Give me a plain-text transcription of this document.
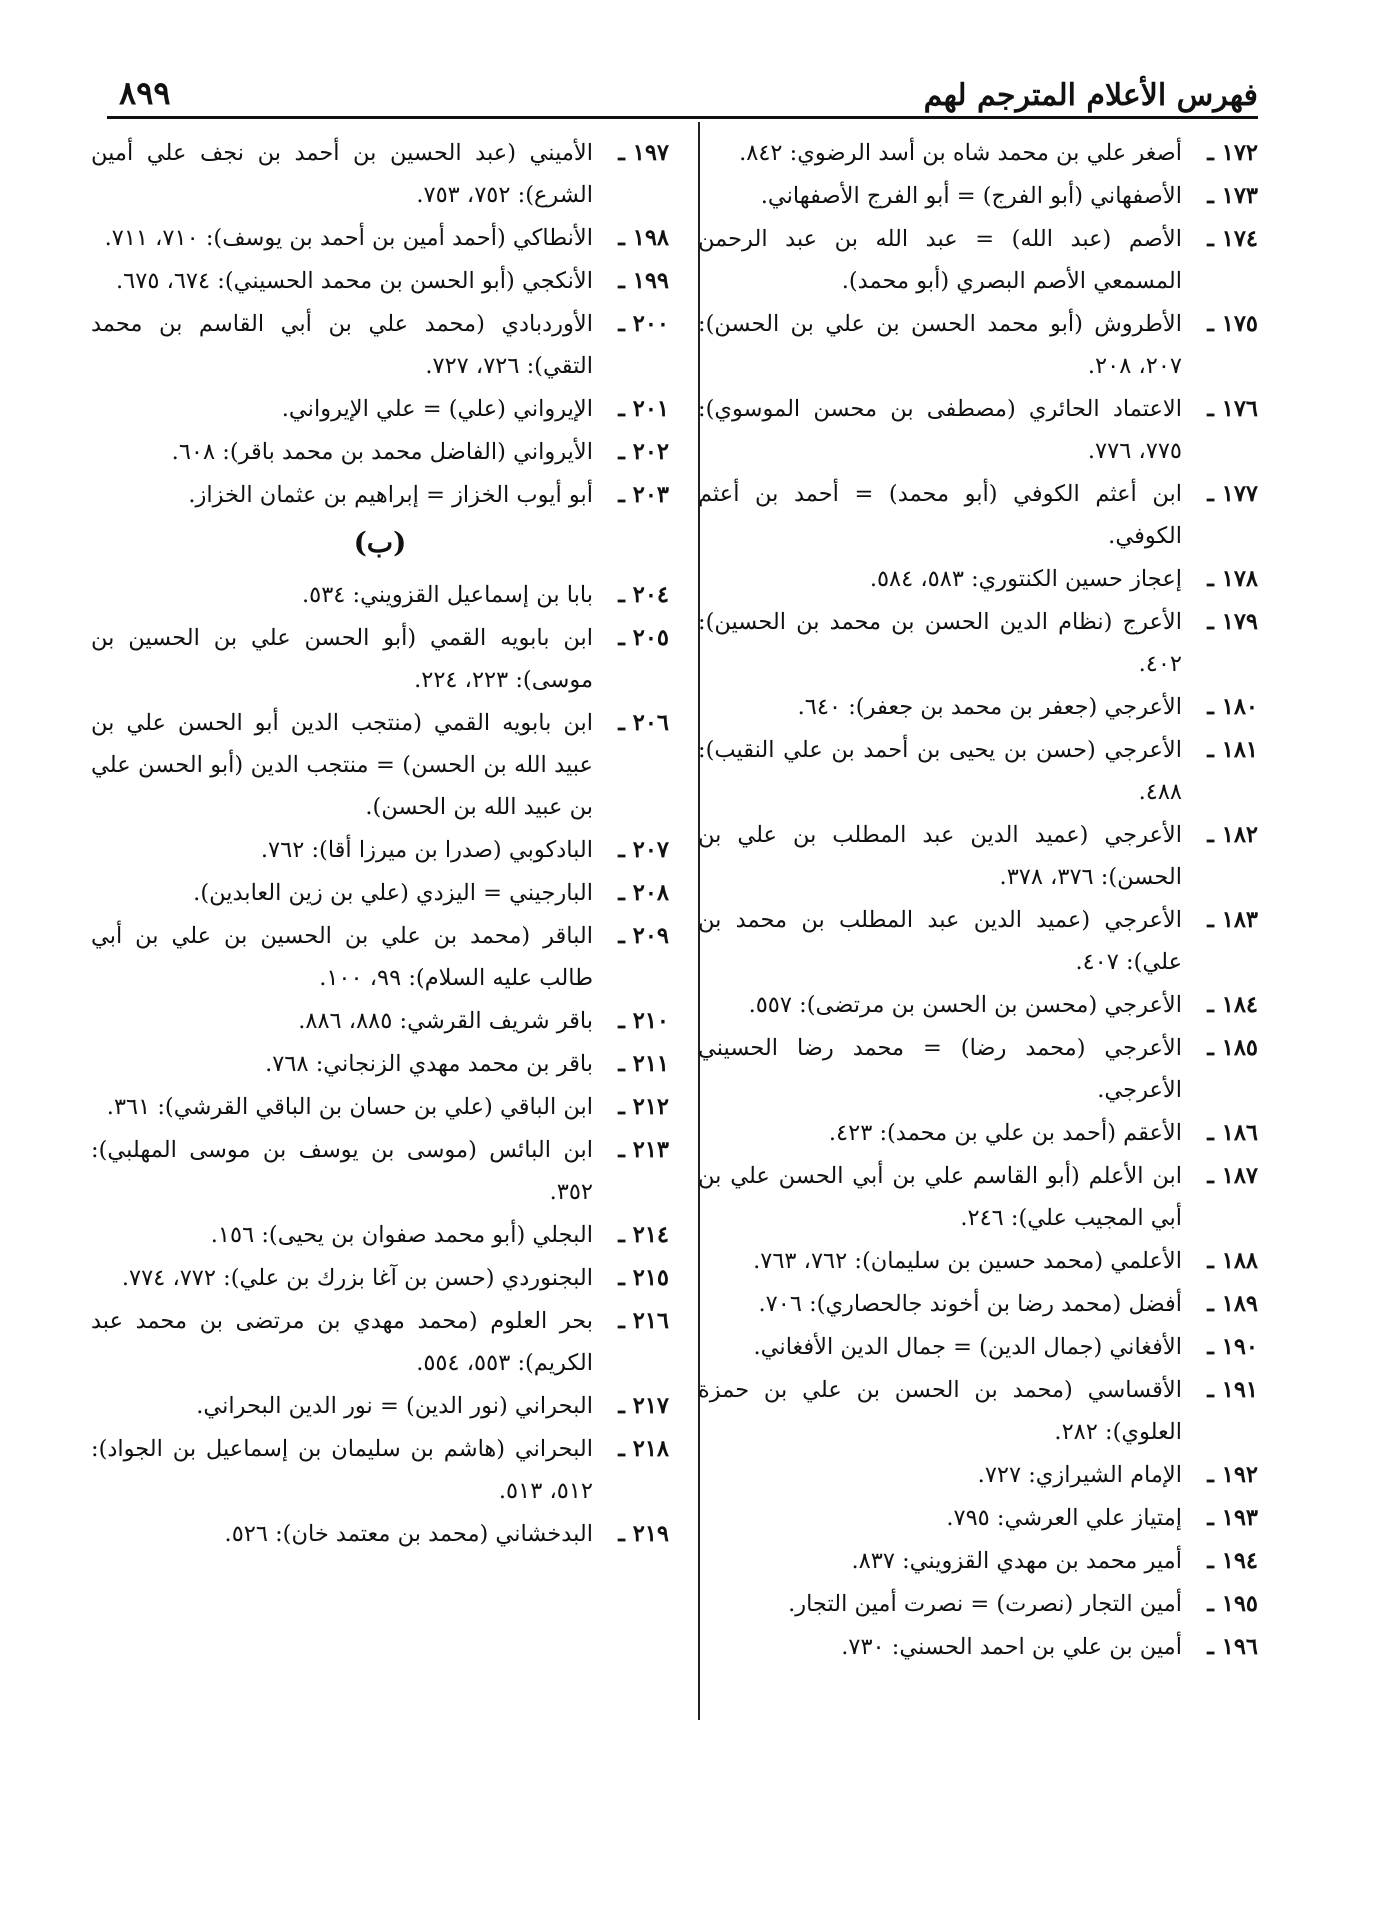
فهرس الأعلام المترجم لهم
٨٩٩
١٧٢ ـ
أصغر علي بن محمد شاه بن أسد الرضوي: ٨٤٢.
١٧٣ ـ
الأصفهاني (أبو الفرج) = أبو الفرج الأصفهاني.
١٧٤ ـ
الأصم (عبد الله) = عبد الله بن عبد الرحمن المسمعي الأصم البصري (أبو محمد).
١٧٥ ـ
الأطروش (أبو محمد الحسن بن علي بن الحسن): ٢٠٧، ٢٠٨.
١٧٦ ـ
الاعتماد الحائري (مصطفى بن محسن الموسوي): ٧٧٥، ٧٧٦.
١٧٧ ـ
ابن أعثم الكوفي (أبو محمد) = أحمد بن أعثم الكوفي.
١٧٨ ـ
إعجاز حسين الكنتوري: ٥٨٣، ٥٨٤.
١٧٩ ـ
الأعرج (نظام الدين الحسن بن محمد بن الحسين): ٤٠٢.
١٨٠ ـ
الأعرجي (جعفر بن محمد بن جعفر): ٦٤٠.
١٨١ ـ
الأعرجي (حسن بن يحيى بن أحمد بن علي النقيب): ٤٨٨.
١٨٢ ـ
الأعرجي (عميد الدين عبد المطلب بن علي بن الحسن): ٣٧٦، ٣٧٨.
١٨٣ ـ
الأعرجي (عميد الدين عبد المطلب بن محمد بن علي): ٤٠٧.
١٨٤ ـ
الأعرجي (محسن بن الحسن بن مرتضى): ٥٥٧.
١٨٥ ـ
الأعرجي (محمد رضا) = محمد رضا الحسيني الأعرجي.
١٨٦ ـ
الأعقم (أحمد بن علي بن محمد): ٤٢٣.
١٨٧ ـ
ابن الأعلم (أبو القاسم علي بن أبي الحسن علي بن أبي المجيب علي): ٢٤٦.
١٨٨ ـ
الأعلمي (محمد حسين بن سليمان): ٧٦٢، ٧٦٣.
١٨٩ ـ
أفضل (محمد رضا بن أخوند جالحصاري): ٧٠٦.
١٩٠ ـ
الأفغاني (جمال الدين) = جمال الدين الأفغاني.
١٩١ ـ
الأقساسي (محمد بن الحسن بن علي بن حمزة العلوي): ٢٨٢.
١٩٢ ـ
الإمام الشيرازي: ٧٢٧.
١٩٣ ـ
إمتياز علي العرشي: ٧٩٥.
١٩٤ ـ
أمير محمد بن مهدي القزويني: ٨٣٧.
١٩٥ ـ
أمين التجار (نصرت) = نصرت أمين التجار.
١٩٦ ـ
أمين بن علي بن احمد الحسني: ٧٣٠.
١٩٧ ـ
الأميني (عبد الحسين بن أحمد بن نجف علي أمين الشرع): ٧٥٢، ٧٥٣.
١٩٨ ـ
الأنطاكي (أحمد أمين بن أحمد بن يوسف): ٧١٠، ٧١١.
١٩٩ ـ
الأنكجي (أبو الحسن بن محمد الحسيني): ٦٧٤، ٦٧٥.
٢٠٠ ـ
الأوردبادي (محمد علي بن أبي القاسم بن محمد التقي): ٧٢٦، ٧٢٧.
٢٠١ ـ
الإيرواني (علي) = علي الإيرواني.
٢٠٢ ـ
الأيرواني (الفاضل محمد بن محمد باقر): ٦٠٨.
٢٠٣ ـ
أبو أيوب الخزاز = إبراهيم بن عثمان الخزاز.
(ب)
٢٠٤ ـ
بابا بن إسماعيل القزويني: ٥٣٤.
٢٠٥ ـ
ابن بابويه القمي (أبو الحسن علي بن الحسين بن موسى): ٢٢٣، ٢٢٤.
٢٠٦ ـ
ابن بابويه القمي (منتجب الدين أبو الحسن علي بن عبيد الله بن الحسن) = منتجب الدين (أبو الحسن علي بن عبيد الله بن الحسن).
٢٠٧ ـ
البادكوبي (صدرا بن ميرزا أقا): ٧٦٢.
٢٠٨ ـ
البارجيني = اليزدي (علي بن زين العابدين).
٢٠٩ ـ
الباقر (محمد بن علي بن الحسين بن علي بن أبي طالب عليه السلام): ٩٩، ١٠٠.
٢١٠ ـ
باقر شريف القرشي: ٨٨٥، ٨٨٦.
٢١١ ـ
باقر بن محمد مهدي الزنجاني: ٧٦٨.
٢١٢ ـ
ابن الباقي (علي بن حسان بن الباقي القرشي): ٣٦١.
٢١٣ ـ
ابن البائس (موسى بن يوسف بن موسى المهلبي): ٣٥٢.
٢١٤ ـ
البجلي (أبو محمد صفوان بن يحيى): ١٥٦.
٢١٥ ـ
البجنوردي (حسن بن آغا بزرك بن علي): ٧٧٢، ٧٧٤.
٢١٦ ـ
بحر العلوم (محمد مهدي بن مرتضى بن محمد عبد الكريم): ٥٥٣، ٥٥٤.
٢١٧ ـ
البحراني (نور الدين) = نور الدين البحراني.
٢١٨ ـ
البحراني (هاشم بن سليمان بن إسماعيل بن الجواد): ٥١٢، ٥١٣.
٢١٩ ـ
البدخشاني (محمد بن معتمد خان): ٥٢٦.
